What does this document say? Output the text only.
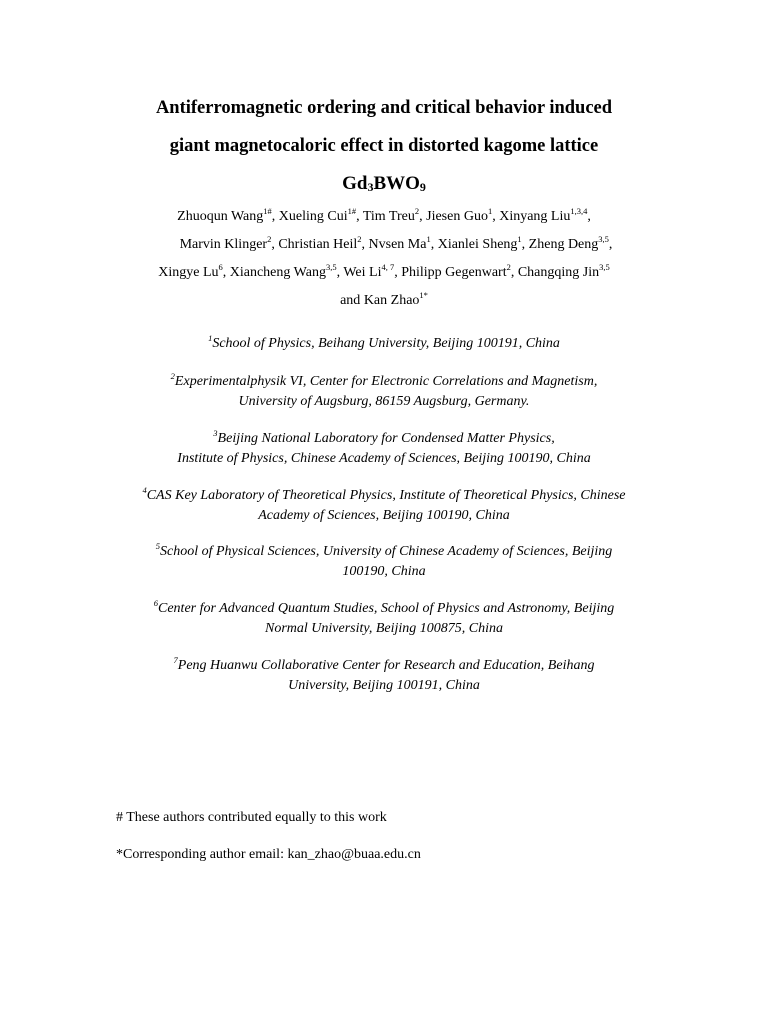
Antiferromagnetic ordering and critical behavior induced
giant magnetocaloric effect in distorted kagome lattice
$Gd_3BWO_9$
Zhuoqun Wang$^{1\#}$, Xueling Cui$^{1\#}$, Tim Treu$^2$, Jiesen Guo$^1$, Xinyang Liu$^{1,3,4}$,
Marvin Klinger$^2$, Christian Heil$^2$, Nvsen Ma$^1$, Xianlei Sheng$^1$, Zheng Deng$^{3,5}$,
Xingye Lu$^6$, Xiancheng Wang$^{3,5}$, Wei Li$^{4, 7}$, Philipp Gegenwart$^2$, Changqing Jin$^{3,5}$
and Kan Zhao$^{1*}$

$^1$School of Physics, Beihang University, Beijing 100191, China

$^2$Experimentalphysik VI, Center for Electronic Correlations and Magnetism,

University of Augsburg, 86159 Augsburg, Germany.

$^3$Beijing National Laboratory for Condensed Matter Physics,

Institute of Physics, Chinese Academy of Sciences, Beijing 100190, China

$^4$CAS Key Laboratory of Theoretical Physics, Institute of Theoretical Physics, Chinese

Academy of Sciences, Beijing 100190, China

$^5$School of Physical Sciences, University of Chinese Academy of Sciences, Beijing

100190, China

$^6$Center for Advanced Quantum Studies, School of Physics and Astronomy, Beijing

Normal University, Beijing 100875, China

$^7$Peng Huanwu Collaborative Center for Research and Education, Beihang

University, Beijing 100191, China

# These authors contributed equally to this work
*Corresponding author email: kan_zhao@buaa.edu.cn
